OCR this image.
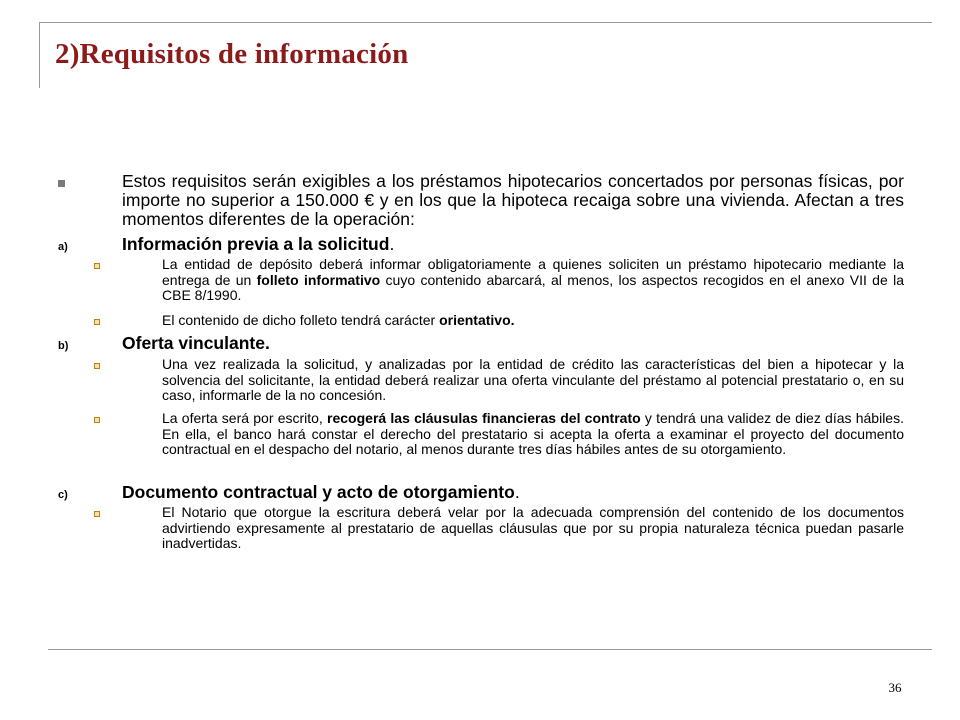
2)Requisitos de información
Estos requisitos serán exigibles a los préstamos hipotecarios concertados por personas físicas, por importe no superior a 150.000 € y en los que la hipoteca recaiga sobre una vivienda. Afectan a tres momentos diferentes de la operación:
a)	Información previa a la solicitud.
La entidad de depósito deberá informar obligatoriamente a quienes soliciten un préstamo hipotecario mediante la entrega de un folleto informativo cuyo contenido abarcará, al menos, los aspectos recogidos en el anexo VII de la CBE 8/1990.
El contenido de dicho folleto tendrá carácter orientativo.
b)	Oferta vinculante.
Una vez realizada la solicitud, y analizadas por la entidad de crédito las características del bien a hipotecar y la solvencia del solicitante, la entidad deberá realizar una oferta vinculante del préstamo al potencial prestatario o, en su caso, informarle de la no concesión.
La oferta será por escrito, recogerá las cláusulas financieras del contrato y tendrá una validez de diez días hábiles. En ella, el banco hará constar el derecho del prestatario si acepta la oferta a examinar el proyecto del documento contractual en el despacho del notario, al menos durante tres días hábiles antes de su otorgamiento.
c)	Documento contractual y acto de otorgamiento.
El Notario que otorgue la escritura deberá velar por la adecuada comprensión del contenido de los documentos advirtiendo expresamente al prestatario de aquellas cláusulas que por su propia naturaleza técnica puedan pasarle inadvertidas.
36
